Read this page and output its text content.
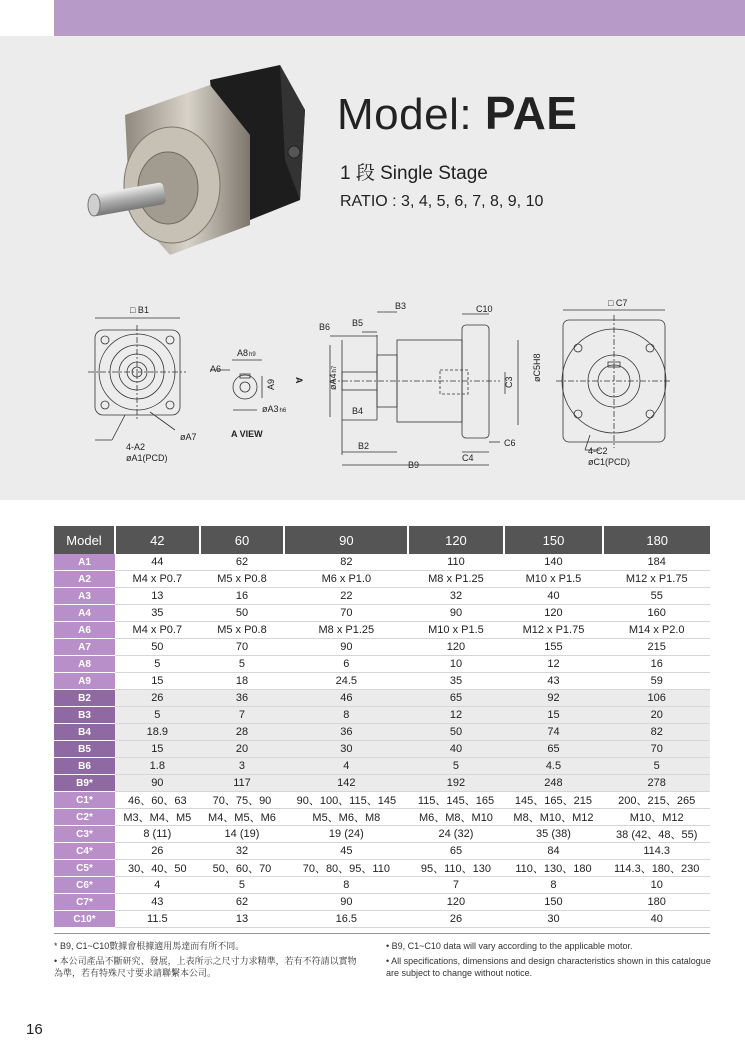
Model: PAE
1 段 Single Stage
RATIO : 3, 4, 5, 6, 7, 8, 9, 10
□ B1
A8h9
A6
A9
øA3h6
A VIEW
A
4-A2
øA1(PCD)
øA7
B6 B5
B3	C10
øA4h7
C3
øC5H8
B4
B2	C6
C4
B9
□ C7
4-C2
øC1(PCD)
Model	42	60	90	120	150	180
A1	44	62	82	110	140	184
A2	M4 x P0.7	M5 x P0.8	M6 x P1.0	M8 x P1.25	M10 x P1.5	M12 x P1.75
A3	13	16	22	32	40	55
A4	35	50	70	90	120	160
A6	M4 x P0.7	M5 x P0.8	M8 x P1.25	M10 x P1.5	M12 x P1.75	M14 x P2.0
A7	50	70	90	120	155	215
A8	5	5	6	10	12	16
A9	15	18	24.5	35	43	59
B2	26	36	46	65	92	106
B3	5	7	8	12	15	20
B4	18.9	28	36	50	74	82
B5	15	20	30	40	65	70
B6	1.8	3	4	5	4.5	5
B9*	90	117	142	192	248	278
C1*	46、60、63	70、75、90	90、100、115、145	115、145、165	145、165、215	200、215、265
C2*	M3、M4、M5	M4、M5、M6	M5、M6、M8	M6、M8、M10	M8、M10、M12	M10、M12
C3*	8 (11)	14 (19)	19 (24)	24 (32)	35 (38)	38 (42、48、55)
C4*	26	32	45	65	84	114.3
C5*	30、40、50	50、60、70	70、80、95、110	95、110、130	110、130、180	114.3、180、230
C6*	4	5	8	7	8	10
C7*	43	62	90	120	150	180
C10*	11.5	13	16.5	26	30	40

* B9, C1~C10數據會根據適用馬達而有所不同。

• 本公司產品不斷研究、發展，上表所示之尺寸力求精準，若有不符請以實物為準，若有特殊尺寸要求請聯繫本公司。

• B9, C1~C10 data will vary according to the applicable motor.

• All specifications, dimensions and design characteristics shown in this catalogue are subject to change without notice.

16
